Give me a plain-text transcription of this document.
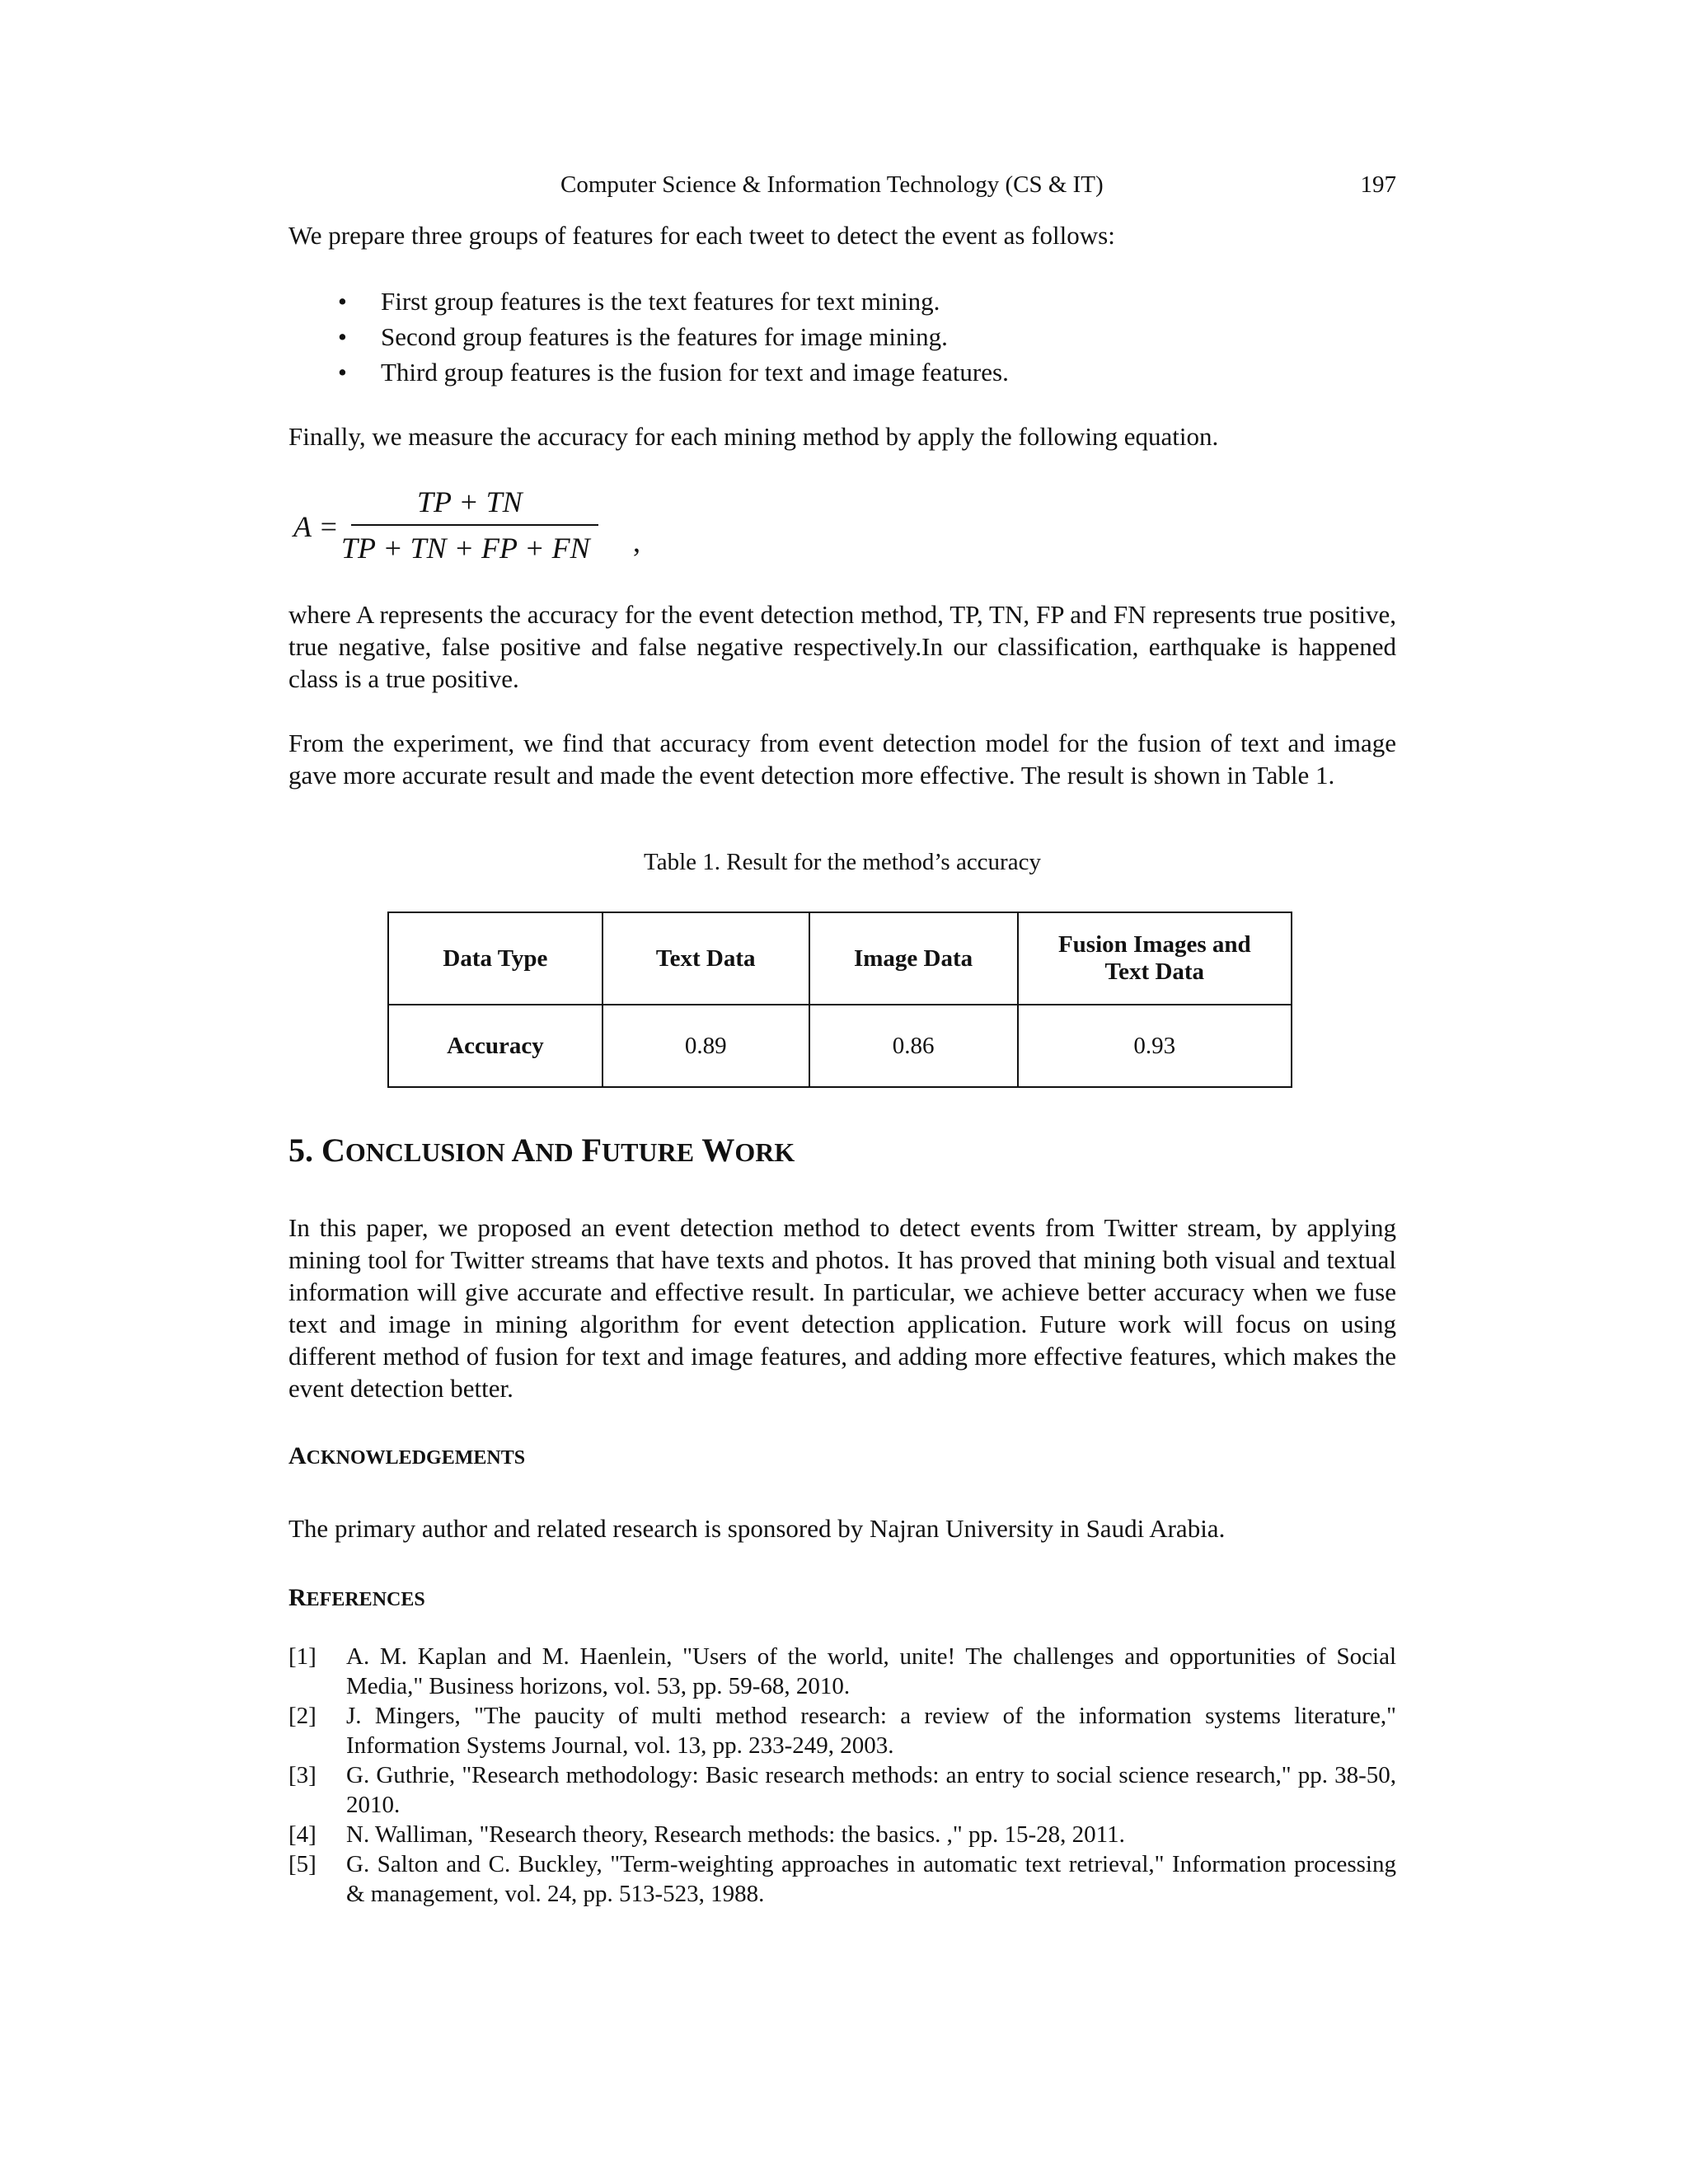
Computer Science & Information Technology (CS & IT)	197
We prepare three groups of features for each tweet to detect the event as follows:
• First group features is the text features for text mining.
• Second group features is the features for image mining.
• Third group features is the fusion for text and image features.
Finally, we measure the accuracy for each mining method by apply the following equation.
A =
TP + TN
TP + TN + FP + FN ,
where A represents the accuracy for the event detection method, TP, TN, FP and FN represents true positive, true negative, false positive and false negative respectively.In our classification, earthquake is happened class is a true positive.
From the experiment, we find that accuracy from event detection model for the fusion of text and image gave more accurate result and made the event detection more effective. The result is shown in Table 1.
Table 1. Result for the method’s accuracy
Data Type	Text Data	Image Data	Fusion Images and Text Data
Accuracy	0.89	0.86	0.93
5. CONCLUSION AND FUTURE WORK
In this paper, we proposed an event detection method to detect events from Twitter stream, by applying mining tool for Twitter streams that have texts and photos. It has proved that mining both visual and textual information will give accurate and effective result. In particular, we achieve better accuracy when we fuse text and image in mining algorithm for event detection application. Future work will focus on using different method of fusion for text and image features, and adding more effective features, which makes the event detection better.
ACKNOWLEDGEMENTS
The primary author and related research is sponsored by Najran University in Saudi Arabia.
REFERENCES
[1] A. M. Kaplan and M. Haenlein, "Users of the world, unite! The challenges and opportunities of Social Media," Business horizons, vol. 53, pp. 59-68, 2010.
[2] J. Mingers, "The paucity of multi method research: a review of the information systems literature," Information Systems Journal, vol. 13, pp. 233-249, 2003.
[3] G. Guthrie, "Research methodology: Basic research methods: an entry to social science research," pp. 38-50, 2010.
[4] N. Walliman, "Research theory, Research methods: the basics. ," pp. 15-28, 2011.
[5] G. Salton and C. Buckley, "Term-weighting approaches in automatic text retrieval," Information processing & management, vol. 24, pp. 513-523, 1988.
